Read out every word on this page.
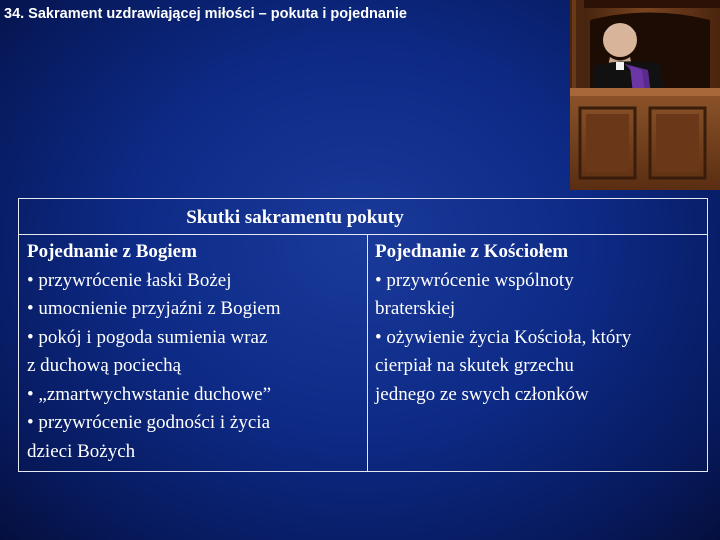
34. Sakrament uzdrawiającej miłości – pokuta i pojednanie
Skutki sakramentu pokuty
Pojednanie z Bogiem
• przywrócenie łaski Bożej
• umocnienie przyjaźni z Bogiem
• pokój i pogoda sumienia wraz
z duchową pociechą
• „zmartwychwstanie duchowe”
• przywrócenie godności i życia
dzieci Bożych
Pojednanie z Kościołem
• przywrócenie wspólnoty
braterskiej
• ożywienie życia Kościoła, który
cierpiał na skutek grzechu
jednego ze swych członków
